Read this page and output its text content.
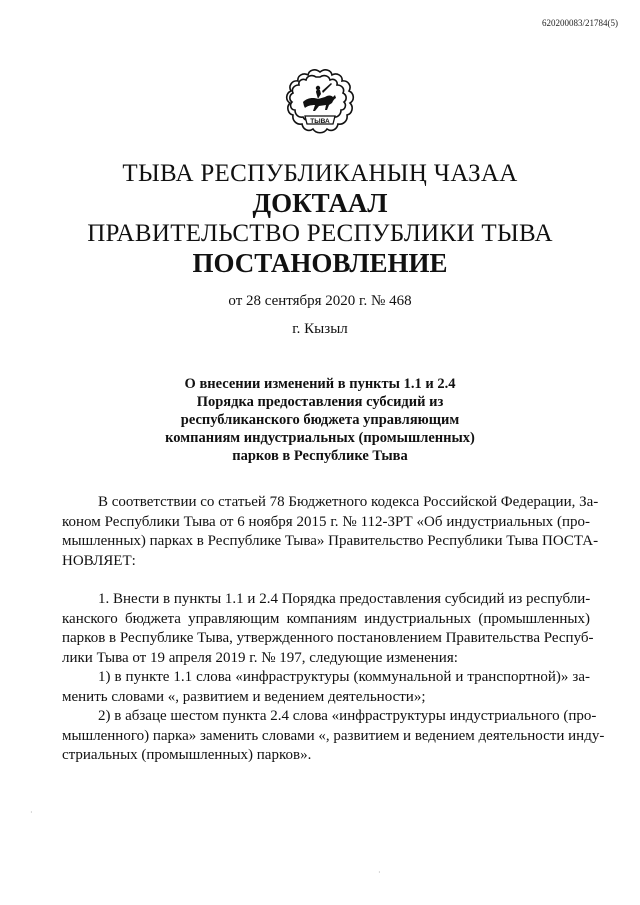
620200083/21784(5)
ТЫВА
ТЫВА РЕСПУБЛИКАНЫҢ ЧАЗАА
ДОКТААЛ
ПРАВИТЕЛЬСТВО РЕСПУБЛИКИ ТЫВА
ПОСТАНОВЛЕНИЕ
от 28 сентября 2020 г. № 468
г. Кызыл
О внесении изменений в пункты 1.1 и 2.4
Порядка предоставления субсидий из
республиканского бюджета управляющим
компаниям индустриальных (промышленных)
парков в Республике Тыва

В соответствии со статьей 78 Бюджетного кодекса Российской Федерации, За-
коном Республики Тыва от 6 ноября 2015 г. № 112-ЗРТ «Об индустриальных (про-
мышленных) парках в Республике Тыва» Правительство Республики Тыва ПОСТА-
НОВЛЯЕТ:

1. Внести в пункты 1.1 и 2.4 Порядка предоставления субсидий из республи-
канского бюджета управляющим компаниям индустриальных (промышленных)
парков в Республике Тыва, утвержденного постановлением Правительства Респуб-
лики Тыва от 19 апреля 2019 г. № 197, следующие изменения:

1) в пункте 1.1 слова «инфраструктуры (коммунальной и транспортной)» за-
менить словами «, развитием и ведением деятельности»;

2) в абзаце шестом пункта 2.4 слова «инфраструктуры индустриального (про-
мышленного) парка» заменить словами «, развитием и ведением деятельности инду-
стриальных (промышленных) парков».

·
·
